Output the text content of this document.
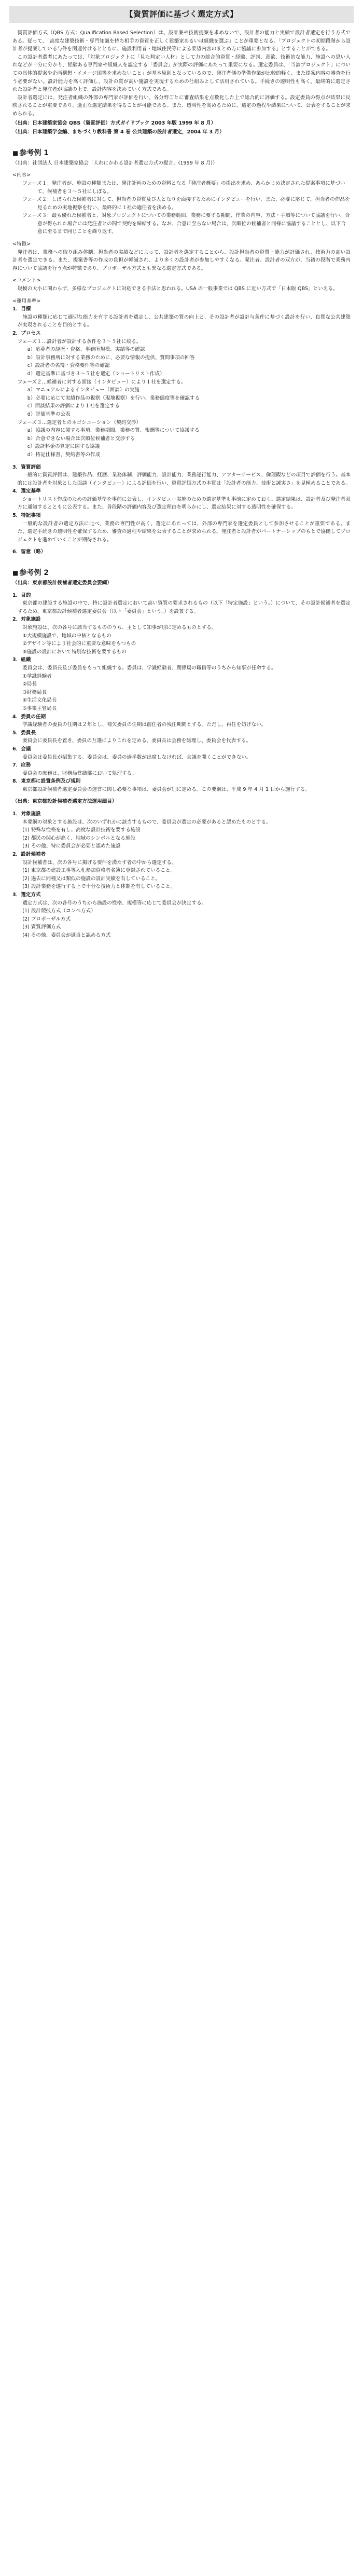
【資質評価に基づく選定方式】

資質評価方式（QBS 方式：Qualification Based Selection）は、設計案や技術提案を求めないで、設計者の能力と実績で設計者選定を行う方式である。従って、「高度な建築技術・専門知識を持ち相手の資質を正しく建築家あるいは組織を選ぶ」ことが重要となる。「プロジェクトの初期段階から設計者が提案している与件を関連付けるとともに、施設利用者・地域住民等による要望内容のまとめ方に協議に参加する」とすることができる。

この設計者選考にあたっては、「対象プロジェクトに「見た判定い人材」として力の総合的資質・経験、評判、意欲、技術的な能力、施設への思い入れなどが十分に分かり、経験ある専門家や組織人を認定する「委員会」が実際の評価にあたって重要になる。選定委員は、「当該プロジェクト」についての具体的提案や企画構想・イメージ図等を求めないこと」が基本原則となっているので、発注者側の準備作業が比較的軽く、また提案内容の審査を行う必要がない。設計能力を高く評価し、設計の質が高い施設を実現するための仕組みとして活用されている。手続きの透明性も高く、最終的に選定された設計者と発注者が協議の上で、設計内容を決めていく方式である。

設計者選定には、発注者組織の外部の専門家が評価を行い、各分野ごとに審査結果を点数化した上で総合的に評価する。設定委員の得点が結果に反映されることが重要であり、適正な選定結果を得ることが可能である。また、透明性を高めるために、選定の過程や結果について、公表をすることが求められる。

（出典：日本建築家協会 QBS（資質評価）方式ガイドブック 2003 年版 1999 年 8 月）

（出典：日本建築学会編、まちづくり教科書 第 4 巻 公共建築の設計者選定，2004 年 3 月）

■ 参考例 1

（出典：社団法人 日本建築家協会「人れにかわる設計者選定方式の提言」(1999 年 8 月)）

<内容>

フェーズ１：発注者が、施設の種類または、発注計画のための資料となる「発注者概要」の提出を求め、あらかじめ決定された提案事項に基づいて、候補者を３～５社にしぼる。

フェーズ２：しぼられた候補者に対して、担当者の資質及び人となりを面接するためにインタビューを行い、また、必要に応じて、担当者の作品を見るための実地視察を行い、最終的に１社の適任者を決める。

フェーズ３：最も優れた候補者と、対象プロジェクトについての業務範囲、業務に要する期間、作業の内容、方法・手順等について協議を行い、合意が得られた場合には発注者との間で契約を締結する。なお、合意に至らない場合は、次順位の候補者と同様に協議することとし、以下合意に至るまで同じことを繰り返す。

<特徴>

発注者は、業務への取り組み体制、担当者の実績などによって、設計者を選定することから、設計担当者の資質・能力が評価され、技術力の高い設計者を選定できる。また、提案書等の作成の負担が軽減され、より多くの設計者が参加しやすくなる。発注者、設計者の双方が、当初の段階で業務内容について協議を行う点が特徴であり、プロポーザル方式とも異なる選定方式である。

<コメント>

規模の大小に関わらず、多様なプロジェクトに対応できる手法と思われる。USA の一般事業では QBS に近い方式で「日本版 QBS」といえる。

<運用基準>

1．目標

施設の種類に応じて適切な能力を有する設計者を選定し、公共建築の質の向上と、その設計者が設計与条件に基づく設計を行い、良質な公共建築が実現されることを目的とする。

2．プロセス

フェーズ１…設計者が設計する条件を３～５社に絞る。

a）応募者の経歴・資格、事務所規模、実績等の確認

b）設計事務所に対する業務のために、必要な情報の提供、質問事項の回答

c）設計者の名簿・資格要件等の確認

d）選定基準に基づき３～５社を選定（ショートリスト作成）

フェーズ２…候補者に対する面接（インタビュー）により１社を選定する。

a）マニュアルによるインタビュー（面談）の実施

b）必要に応じて実績作品の視察（現地視察）を行い、業務態度等を確認する

c）面談結果の評価により１社を選定する

d）評価基準の公表

フェーズ３…選定者とのネゴシエーション（契約交渉）

a）協議の内容に関する事項、業務期間、業務の質、報酬等について協議する

b）合意できない場合は次順位候補者と交渉する

c）設計料金の算定に関する協議

d）特記仕様書、契約書等の作成

3．資質評価

一般的に資質評価は、建築作品、経歴、業務体制、評価能力、設計能力、業務遂行能力、アフターサービス、倫理観などの項目で評価を行う。基本的には設計者を対象とした面談（インタビュー）による評価を行い、資質評価方式の本質は「設計者の能力、技術と誠実さ」を見極めることである。

4．選定基準

ショートリスト作成のための評価基準を事前に公表し、インタビュー実施のための選定基準も事前に定めておく。選定結果は、設計者及び発注者双方に通知するとともに公表する。また、各段階の評価内容及び選定理由を明らかにし、選定結果に対する透明性を確保する。

5．特記事項

一般的な設計者の選定方法に比べ、業務の専門性が高く、選定にあたっては、外部の専門家を選定委員として参加させることが重要である。また、選定手続きの透明性を確保するため、審査の過程や結果を公表することが求められる。発注者と設計者がパートナーシップのもとで協働してプロジェクトを進めていくことが期待される。

6．留意（略）

■ 参考例 2

（出典：東京都設計候補者選定委員会要綱）

1．目的

東京都の建設する施設の中で、特に設計者選定において高い資質の要求されるもの（以下「特定施設」という。）について、その設計候補者を選定するため、東京都設計候補者選定委員会（以下「委員会」という。）を設置する。

2．対象施設

対象施設は、次の各号に該当するもののうち、主として知事が別に定めるものとする。

①大規模施設で、地域の中核となるもの

②デザイン等により社会的に重要な意味をもつもの

③施設の設計において特別な技術を要するもの

3．組織

委員会は、委員長及び委員をもって組織する。委員は、学識経験者、関係局の職員等のうちから知事が任命する。

①学識経験者

②局長

③財務局長

④生活文化局長

⑤事業主管局長

4．委員の任期

学識経験者の委員の任期は２年とし、補欠委員の任期は前任者の残任期間とする。ただし、再任を妨げない。

5．委員長

委員会に委員長を置き、委員の互選によりこれを定める。委員長は会務を総理し、委員会を代表する。

6．会議

委員会は委員長が招集する。委員会は、委員の過半数が出席しなければ、会議を開くことができない。

7．庶務

委員会の庶務は、財務局営繕部において処理する。

8．東京都に設置条例及び規則

東京都設計候補者選定委員会の運営に関し必要な事項は、委員会が別に定める。この要綱は、平成 9 年 4 月 1 日から施行する。

（出典：東京都設計候補者選定方法運用細目）

1．対象施設

本要綱の対象とする施設は、次のいずれかに該当するもので、委員会が選定の必要があると認めたものとする。

(1) 特殊な性格を有し、高度な設計技術を要する施設

(2) 都民の関心が高く、地域のシンボルとなる施設

(3) その他、特に委員会が必要と認めた施設

2．設計候補者

設計候補者は、次の各号に掲げる要件を満たす者の中から選定する。

(1) 東京都の建設工事等入札参加資格者名簿に登録されていること。

(2) 過去に同種又は類似の施設の設計実績を有していること。

(3) 設計業務を遂行する上で十分な技術力と体制を有していること。

3．選定方式

選定方式は、次の各号のうちから施設の性格、規模等に応じて委員会が決定する。

(1) 設計競技方式（コンペ方式）

(2) プロポーザル方式

(3) 資質評価方式

(4) その他、委員会が適当と認める方式
